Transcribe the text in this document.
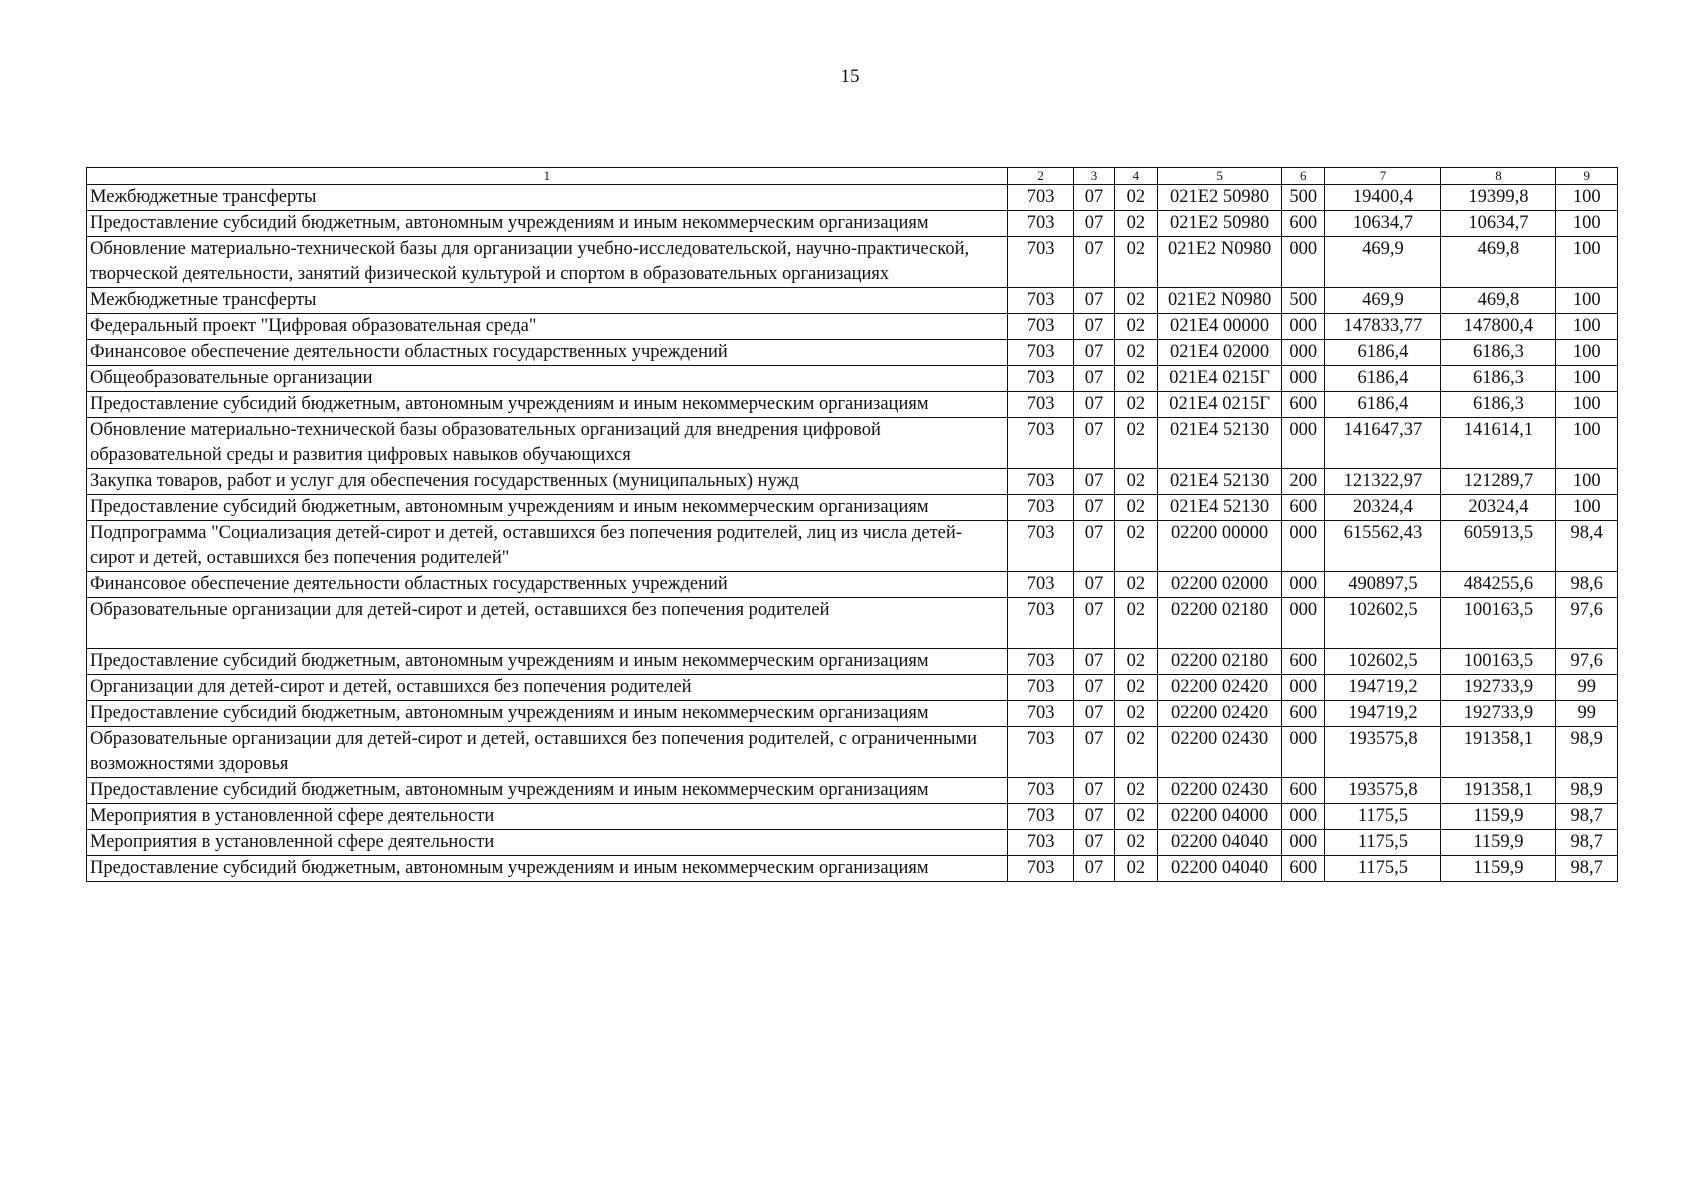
15
1	2	3	4	5	6	7	8	9
Межбюджетные трансферты	703	07	02	021E2 50980	500	19400,4	19399,8	100
Предоставление субсидий бюджетным, автономным учреждениям и иным некоммерческим организациям	703	07	02	021E2 50980	600	10634,7	10634,7	100
Обновление материально-технической базы для организации учебно-исследовательской, научно-практической, творческой деятельности, занятий физической культурой и спортом в образовательных организациях	703	07	02	021E2 N0980	000	469,9	469,8	100
Межбюджетные трансферты	703	07	02	021E2 N0980	500	469,9	469,8	100
Федеральный проект "Цифровая образовательная среда"	703	07	02	021E4 00000	000	147833,77	147800,4	100
Финансовое обеспечение деятельности областных государственных учреждений	703	07	02	021E4 02000	000	6186,4	6186,3	100
Общеобразовательные организации	703	07	02	021E4 0215Г	000	6186,4	6186,3	100
Предоставление субсидий бюджетным, автономным учреждениям и иным некоммерческим организациям	703	07	02	021E4 0215Г	600	6186,4	6186,3	100
Обновление материально-технической базы образовательных организаций для внедрения цифровой образовательной среды и развития цифровых навыков обучающихся	703	07	02	021E4 52130	000	141647,37	141614,1	100
Закупка товаров, работ и услуг для обеспечения государственных (муниципальных) нужд	703	07	02	021E4 52130	200	121322,97	121289,7	100
Предоставление субсидий бюджетным, автономным учреждениям и иным некоммерческим организациям	703	07	02	021E4 52130	600	20324,4	20324,4	100
Подпрограмма "Социализация детей-сирот и детей, оставшихся без попечения родителей, лиц из числа детей-сирот и детей, оставшихся без попечения родителей"	703	07	02	02200 00000	000	615562,43	605913,5	98,4
Финансовое обеспечение деятельности областных государственных учреждений	703	07	02	02200 02000	000	490897,5	484255,6	98,6
Образовательные организации для детей-сирот и детей, оставшихся без попечения родителей	703	07	02	02200 02180	000	102602,5	100163,5	97,6
Предоставление субсидий бюджетным, автономным учреждениям и иным некоммерческим организациям	703	07	02	02200 02180	600	102602,5	100163,5	97,6
Организации для детей-сирот и детей, оставшихся без попечения родителей	703	07	02	02200 02420	000	194719,2	192733,9	99
Предоставление субсидий бюджетным, автономным учреждениям и иным некоммерческим организациям	703	07	02	02200 02420	600	194719,2	192733,9	99
Образовательные организации для детей-сирот и детей, оставшихся без попечения родителей, с ограниченными возможностями здоровья	703	07	02	02200 02430	000	193575,8	191358,1	98,9
Предоставление субсидий бюджетным, автономным учреждениям и иным некоммерческим организациям	703	07	02	02200 02430	600	193575,8	191358,1	98,9
Мероприятия в установленной сфере деятельности	703	07	02	02200 04000	000	1175,5	1159,9	98,7
Мероприятия в установленной сфере деятельности	703	07	02	02200 04040	000	1175,5	1159,9	98,7
Предоставление субсидий бюджетным, автономным учреждениям и иным некоммерческим организациям	703	07	02	02200 04040	600	1175,5	1159,9	98,7
